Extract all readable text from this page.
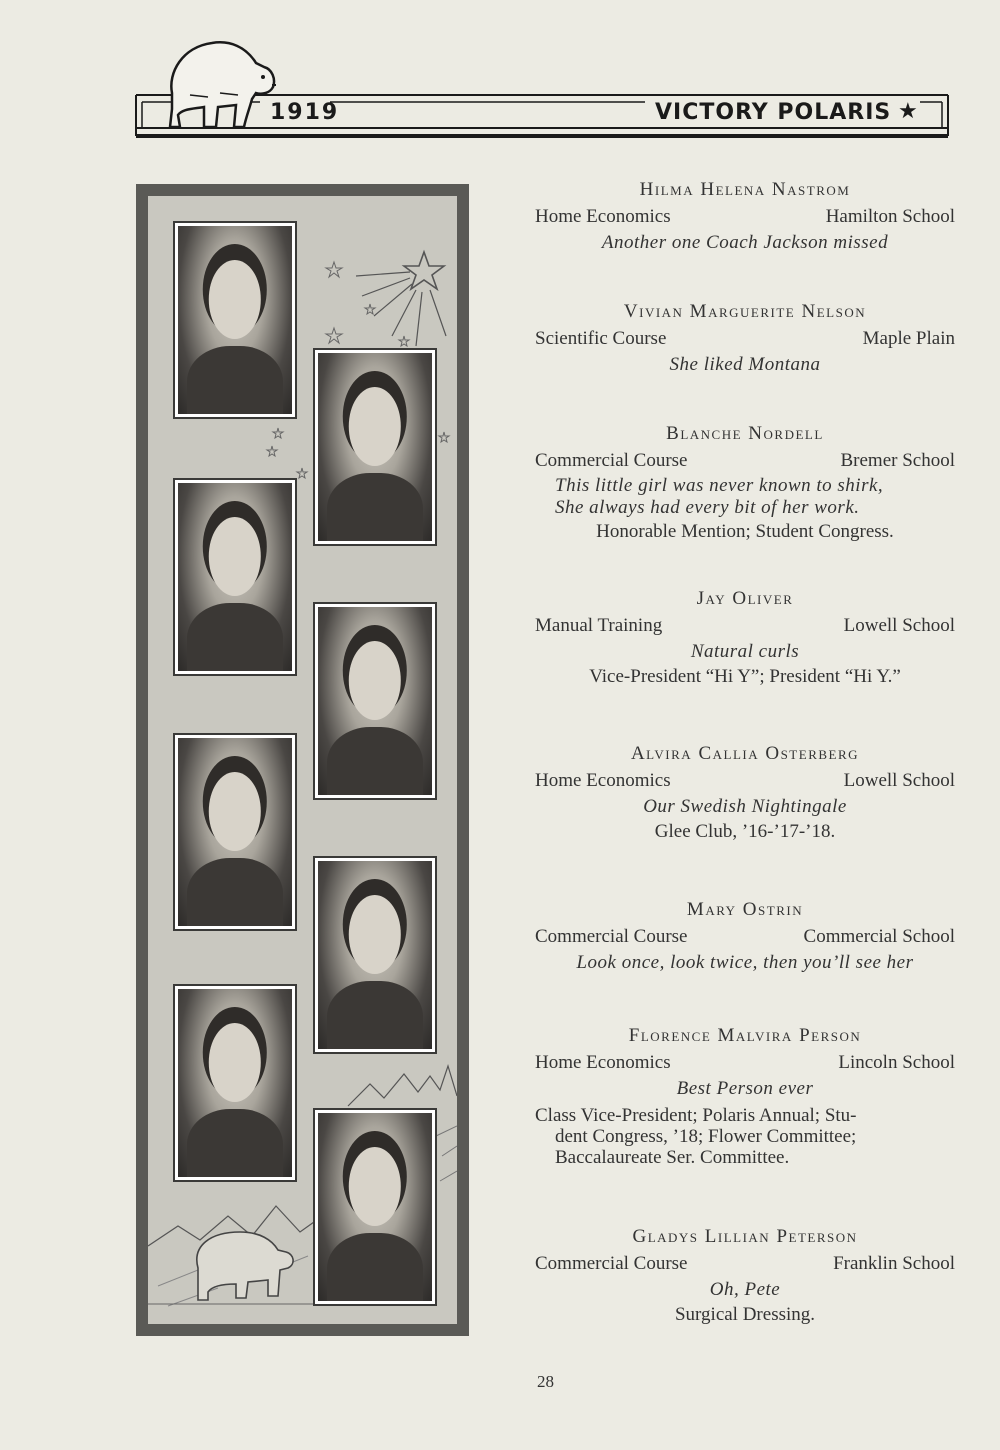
1919	VICTORY POLARIS ★
Hilma Helena Nastrom
Home Economics	Hamilton School
Another one Coach Jackson missed
Vivian Marguerite Nelson
Scientific Course	Maple Plain
She liked Montana
Blanche Nordell
Commercial Course	Bremer School
This little girl was never known to shirk,
She always had every bit of her work.
Honorable Mention; Student Congress.
Jay Oliver
Manual Training	Lowell School
Natural curls
Vice-President “Hi Y”; President “Hi Y.”
Alvira Callia Osterberg
Home Economics	Lowell School
Our Swedish Nightingale
Glee Club, ’16-’17-’18.
Mary Ostrin
Commercial Course	Commercial School
Look once, look twice, then you’ll see her
Florence Malvira Person
Home Economics	Lincoln School
Best Person ever
Class Vice-President; Polaris Annual; Stu-
dent Congress, ’18; Flower Committee;
Baccalaureate Ser. Committee.
Gladys Lillian Peterson
Commercial Course	Franklin School
Oh, Pete
Surgical Dressing.
28
